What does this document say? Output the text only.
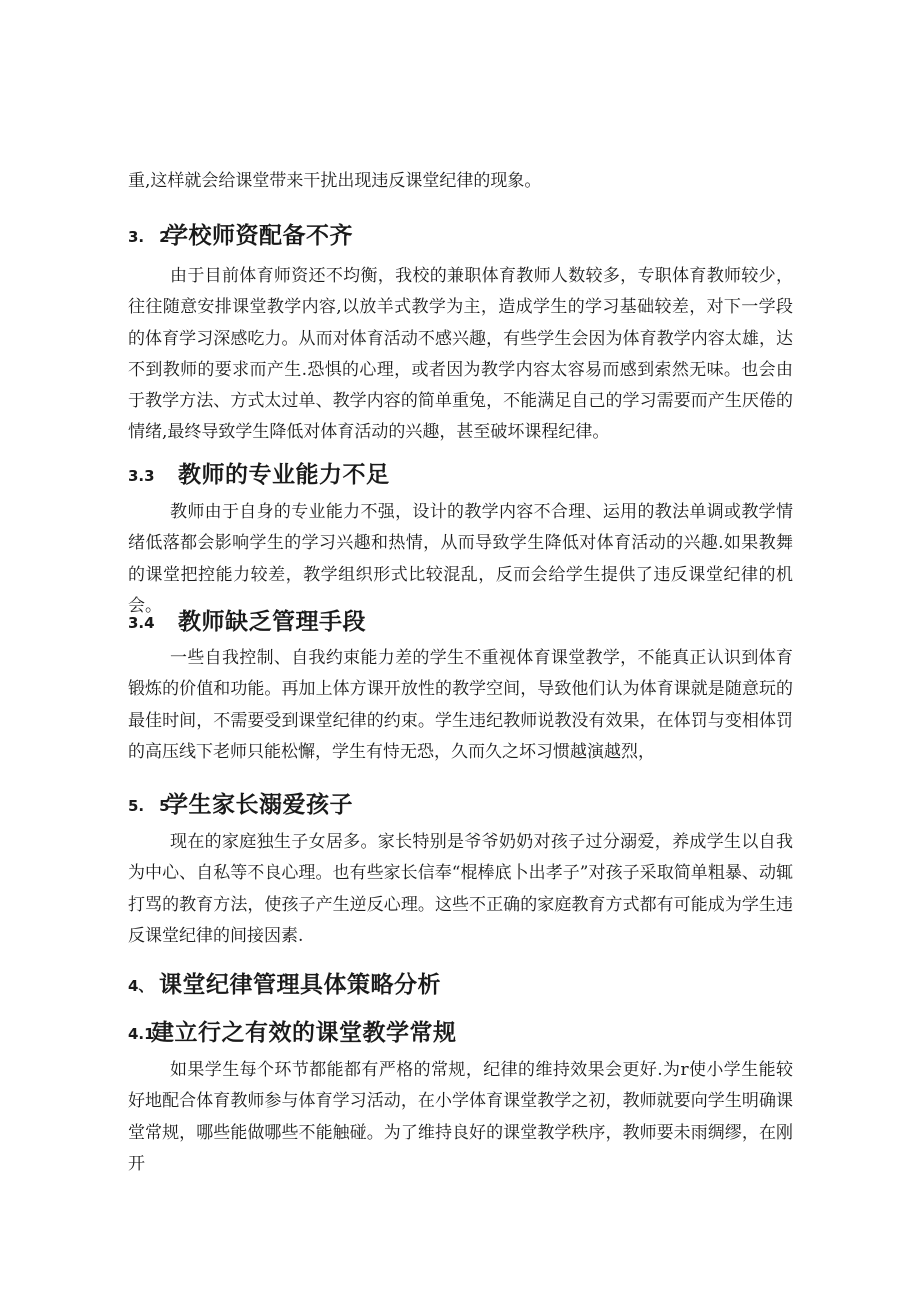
重,这样就会给课堂带来干扰出现违反课堂纪律的现象。

3.　2学校师资配备不齐

由于目前体育师资还不均衡，我校的兼职体育教师人数较多，专职体育教师较少，往往随意安排课堂教学内容,以放羊式教学为主，造成学生的学习基础较差，对下一学段的体育学习深感吃力。从而对体育活动不感兴趣，有些学生会因为体育教学内容太雄，达不到教师的要求而产生.恐惧的心理，或者因为教学内容太容易而感到索然无味。也会由于教学方法、方式太过单、教学内容的简单重兔，不能满足自己的学习需要而产生厌倦的情绪,最终导致学生降低对体育活动的兴趣，甚至破坏课程纪律。

3.3 教师的专业能力不足

教师由于自身的专业能力不强，设计的教学内容不合理、运用的教法单调或教学情绪低落都会影响学生的学习兴趣和热情，从而导致学生降低对体育活动的兴趣.如果教舞的课堂把控能力较差，教学组织形式比较混乱，反而会给学生提供了违反课堂纪律的机会。

3.4 教师缺乏管理手段

一些自我控制、自我约束能力差的学生不重视体育课堂教学，不能真正认识到体育锻炼的价值和功能。再加上体方课开放性的教学空间，导致他们认为体育课就是随意玩的最佳时间，不需要受到课堂纪律的约束。学生违纪教师说教没有效果，在体罚与变相体罚的高压线下老师只能松懈，学生有恃无恐，久而久之坏习惯越演越烈，

5.　5学生家长溺爱孩子

现在的家庭独生子女居多。家长特别是爷爷奶奶对孩子过分溺爱，养成学生以自我为中心、自私等不良心理。也有些家长信奉“棍棒底卜出孝子”对孩子采取简单粗暴、动辄打骂的教育方法，使孩子产生逆反心理。这些不正确的家庭教育方式都有可能成为学生违反课堂纪律的间接因素.

4、 课堂纪律管理具体策略分析
4.1建立行之有效的课堂教学常规

如果学生每个环节都能都有严格的常规，纪律的维持效果会更好.为r使小学生能较好地配合体育教师参与体育学习活动，在小学体育课堂教学之初，教师就要向学生明确课堂常规，哪些能做哪些不能触碰。为了维持良好的课堂教学秩序，教师要未雨绸缪，在刚开
